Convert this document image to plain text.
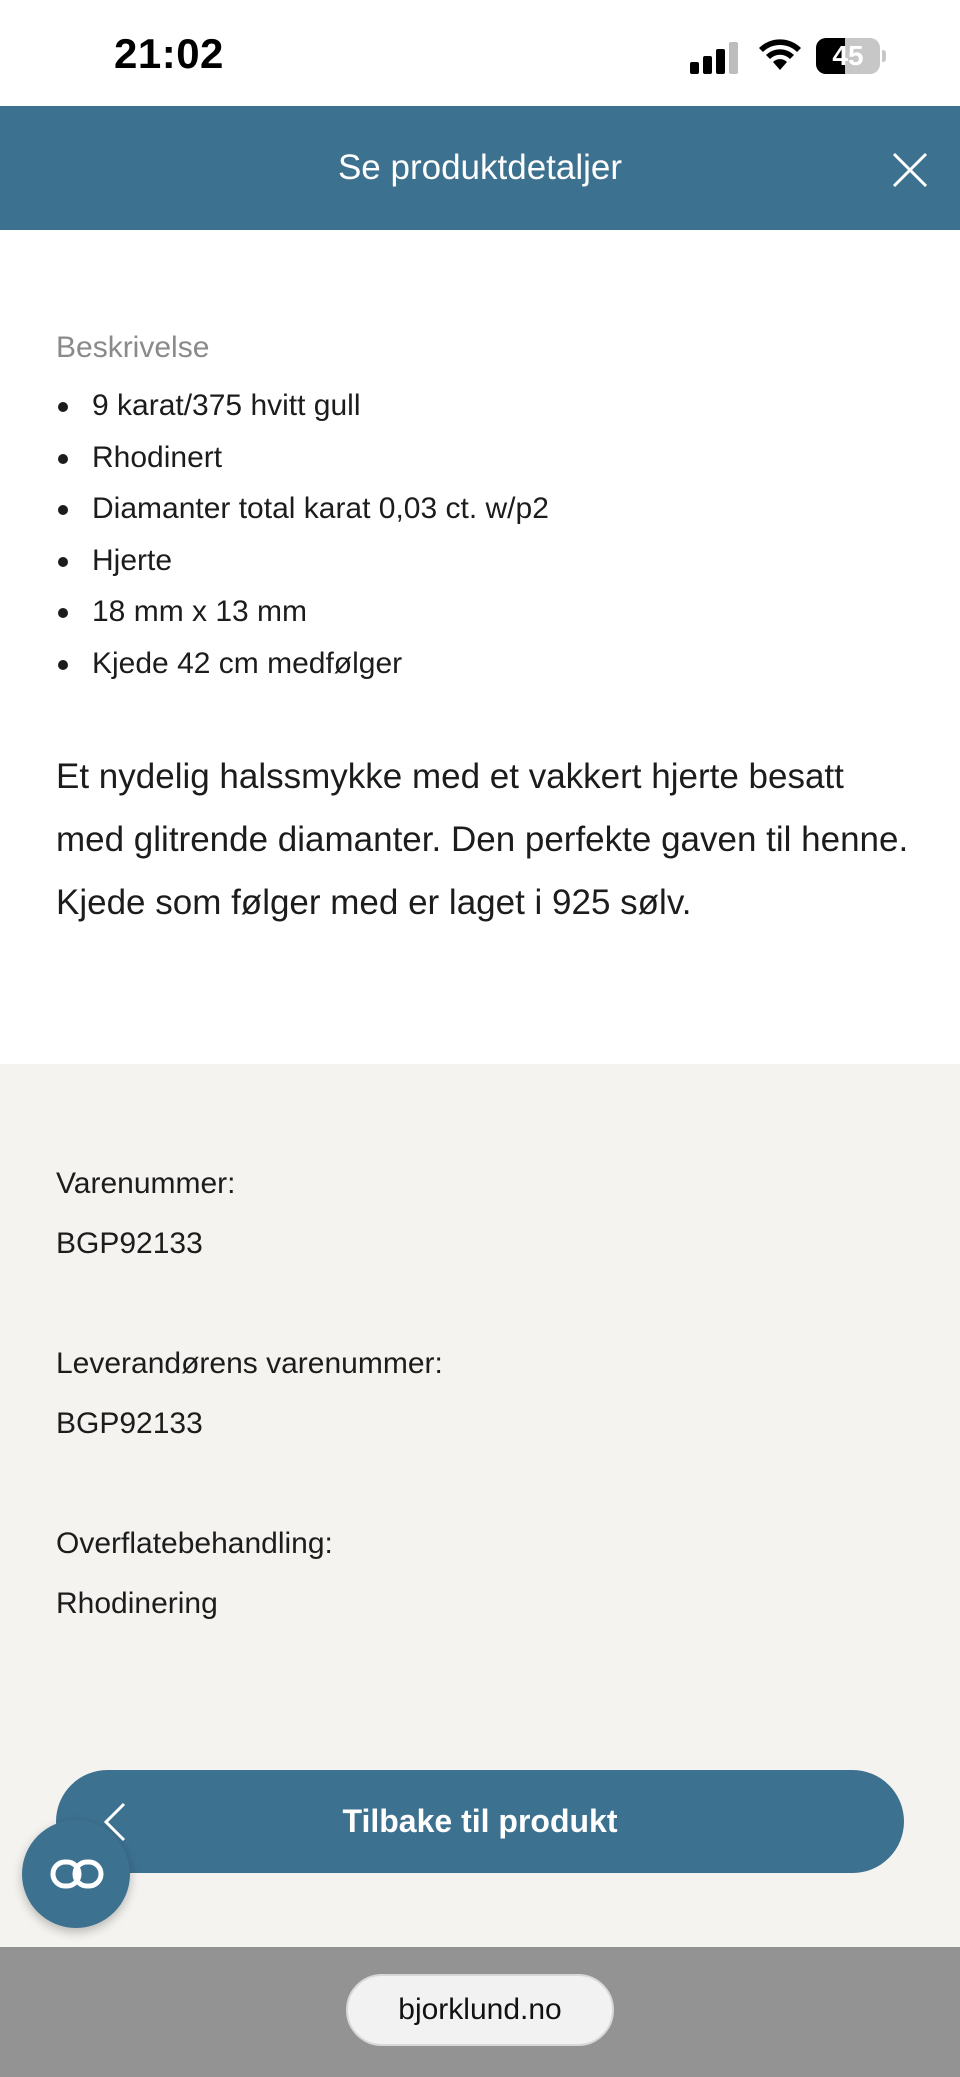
21:02	45
Se produktdetaljer
Beskrivelse
9 karat/375 hvitt gull
Rhodinert
Diamanter total karat 0,03 ct. w/p2
Hjerte
18 mm x 13 mm
Kjede 42 cm medfølger

Et nydelig halssmykke med et vakkert hjerte besatt med glitrende diamanter. Den perfekte gaven til henne. Kjede som følger med er laget i 925 sølv.

Varenummer:
BGP92133
Leverandørens varenummer:
BGP92133
Overflatebehandling:
Rhodinering
Tilbake til produkt
bjorklund.no
